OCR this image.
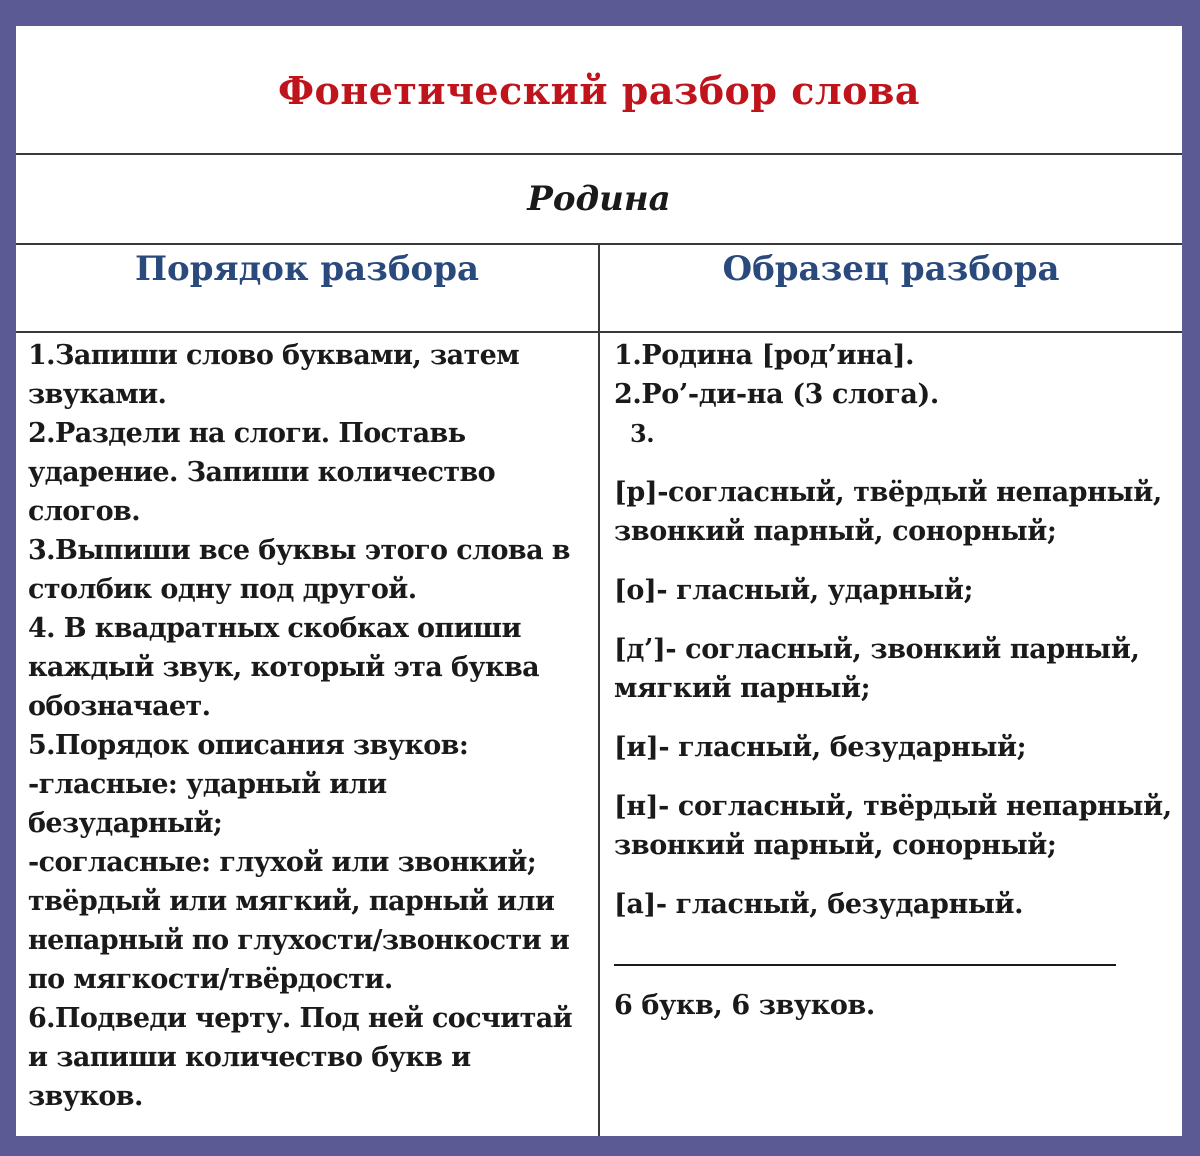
Фонетический разбор слова
Родина
Порядок разбора	Образец разбора
1.Запиши слово буквами, затем
звуками.
2.Раздели на слоги. Поставь
ударение. Запиши количество
слогов.
3.Выпиши все буквы этого слова в
столбик одну под другой.
4. В квадратных скобках опиши
каждый звук, который эта буква
обозначает.
5.Порядок описания звуков:
-гласные: ударный или
безударный;
-согласные: глухой или звонкий;
твёрдый или мягкий, парный или
непарный по глухости/звонкости и
по мягкости/твёрдости.
6.Подведи черту. Под ней сосчитай
и запиши количество букв и
звуков.
1.Родина [род’ина].
2.Ро’-ди-на (3 слога).
3.
[р]-согласный, твёрдый непарный,
звонкий парный, сонорный;
[о]- гласный, ударный;
[д’]- согласный, звонкий парный,
мягкий парный;
[и]- гласный, безударный;
[н]- согласный, твёрдый непарный,
звонкий парный, сонорный;
[а]- гласный, безударный.
6 букв, 6 звуков.
